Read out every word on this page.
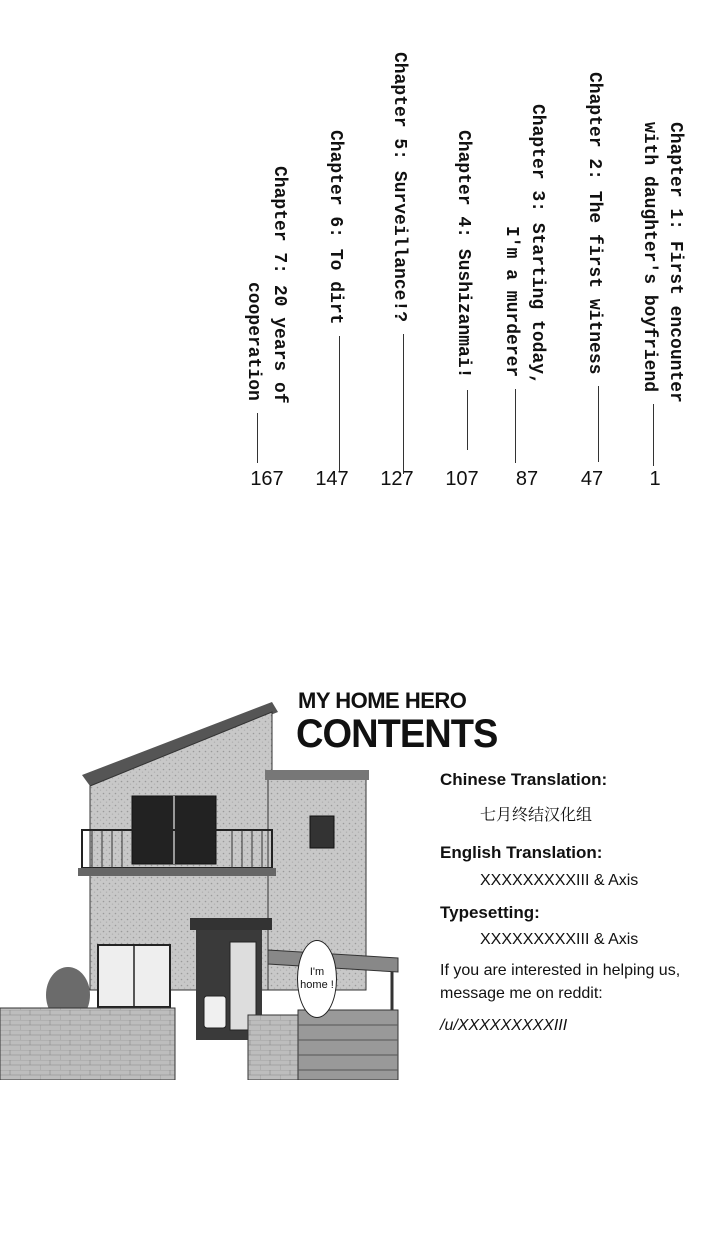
Chapter 1: First encounter
with daughter's boyfriend
1
Chapter 2: The first witness
47
Chapter 3: Starting today,
I'm a murderer
87
Chapter 4: Sushizanmai!
107
Chapter 5: Surveillance!?
127
Chapter 6: To dirt
147
Chapter 7: 20 years of
cooperation
167
MY HOME HERO
CONTENTS
I'm home !

Chinese Translation:

七月终结汉化组

English Translation:

XXXXXXXXXIII & Axis

Typesetting:

XXXXXXXXXIII & Axis

If you are interested in helping us, message me on reddit:

/u/XXXXXXXXXIII
